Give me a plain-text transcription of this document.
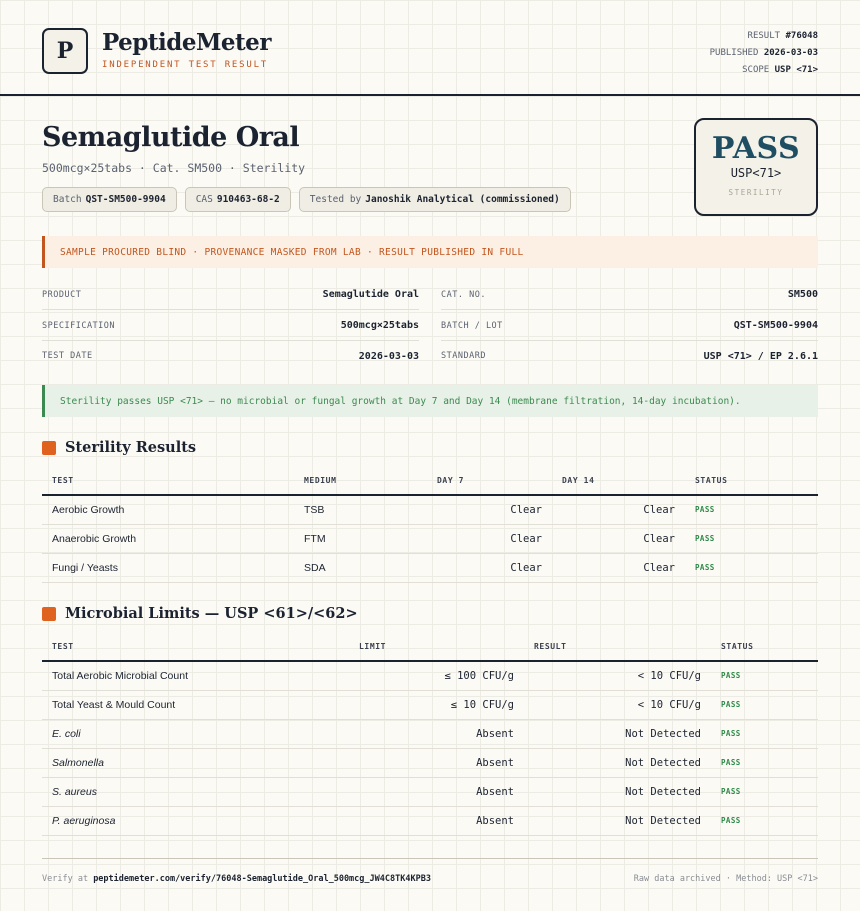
P	PeptideMeter
INDEPENDENT TEST RESULT
RESULT #76048
PUBLISHED 2026-03-03
SCOPE USP <71>
Semaglutide Oral
500mcg×25tabs · Cat. SM500 · Sterility
Batch QST-SM500-9904	CAS 910463-68-2	Tested by Janoshik Analytical (commissioned)
PASS
USP<71>
STERILITY
SAMPLE PROCURED BLIND · PROVENANCE MASKED FROM LAB · RESULT PUBLISHED IN FULL
PRODUCT	Semaglutide Oral
SPECIFICATION	500mcg×25tabs
TEST DATE	2026-03-03
CAT. NO.	SM500
BATCH / LOT	QST-SM500-9904
STANDARD	USP <71> / EP 2.6.1
Sterility passes USP <71> — no microbial or fungal growth at Day 7 and Day 14 (membrane filtration, 14-day incubation).
Sterility Results
TEST	MEDIUM	DAY 7	DAY 14	STATUS
Aerobic Growth	TSB	Clear	Clear	PASS
Anaerobic Growth	FTM	Clear	Clear	PASS
Fungi / Yeasts	SDA	Clear	Clear	PASS
Microbial Limits — USP <61>/<62>
TEST	LIMIT	RESULT	STATUS
Total Aerobic Microbial Count	≤ 100 CFU/g	< 10 CFU/g	PASS
Total Yeast & Mould Count	≤ 10 CFU/g	< 10 CFU/g	PASS
E. coli	Absent	Not Detected	PASS
Salmonella	Absent	Not Detected	PASS
S. aureus	Absent	Not Detected	PASS
P. aeruginosa	Absent	Not Detected	PASS
Verify at peptidemeter.com/verify/76048-Semaglutide_Oral_500mcg_JW4C8TK4KPB3	Raw data archived · Method: USP <71>
